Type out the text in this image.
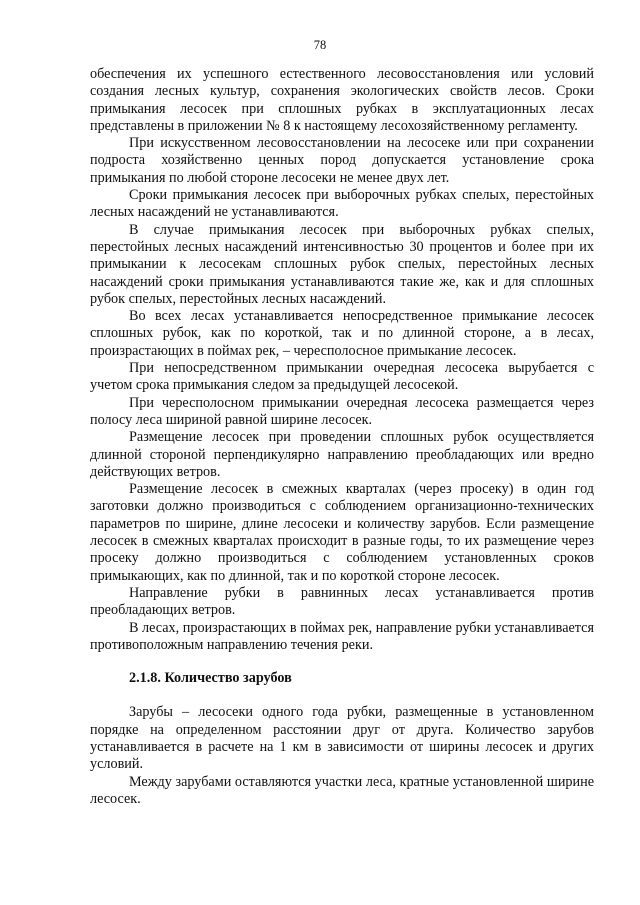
78

обеспечения их успешного естественного лесовосстановления или условий создания лесных культур, сохранения экологических свойств лесов. Сроки примыкания лесосек при сплошных рубках в эксплуатационных лесах представлены в приложении № 8 к настоящему лесохозяйственному регламенту.

При искусственном лесовосстановлении на лесосеке или при сохранении подроста хозяйственно ценных пород допускается установление срока примыкания по любой стороне лесосеки не менее двух лет.

Сроки примыкания лесосек при выборочных рубках спелых, перестойных лесных насаждений не устанавливаются.

В случае примыкания лесосек при выборочных рубках спелых, перестойных лесных насаждений интенсивностью 30 процентов и более при их примыкании к лесосекам сплошных рубок спелых, перестойных лесных насаждений сроки примыкания устанавливаются такие же, как и для сплошных рубок спелых, перестойных лесных насаждений.

Во всех лесах устанавливается непосредственное примыкание лесосек сплошных рубок, как по короткой, так и по длинной стороне, а в лесах, произрастающих в поймах рек, – чересполосное примыкание лесосек.

При непосредственном примыкании очередная лесосека вырубается с учетом срока примыкания следом за предыдущей лесосекой.

При чересполосном примыкании очередная лесосека размещается через полосу леса шириной равной ширине лесосек.

Размещение лесосек при проведении сплошных рубок осуществляется длинной стороной перпендикулярно направлению преобладающих или вредно действующих ветров.

Размещение лесосек в смежных кварталах (через просеку) в один год заготовки должно производиться с соблюдением организационно-технических параметров по ширине, длине лесосеки и количеству зарубов. Если размещение лесосек в смежных кварталах происходит в разные годы, то их размещение через просеку должно производиться с соблюдением установленных сроков примыкающих, как по длинной, так и по короткой стороне лесосек.

Направление рубки в равнинных лесах устанавливается против преобладающих ветров.

В лесах, произрастающих в поймах рек, направление рубки устанавливается противоположным направлению течения реки.

2.1.8. Количество зарубов

Зарубы – лесосеки одного года рубки, размещенные в установленном порядке на определенном расстоянии друг от друга. Количество зарубов устанавливается в расчете на 1 км в зависимости от ширины лесосек и других условий.

Между зарубами оставляются участки леса, кратные установленной ширине лесосек.
